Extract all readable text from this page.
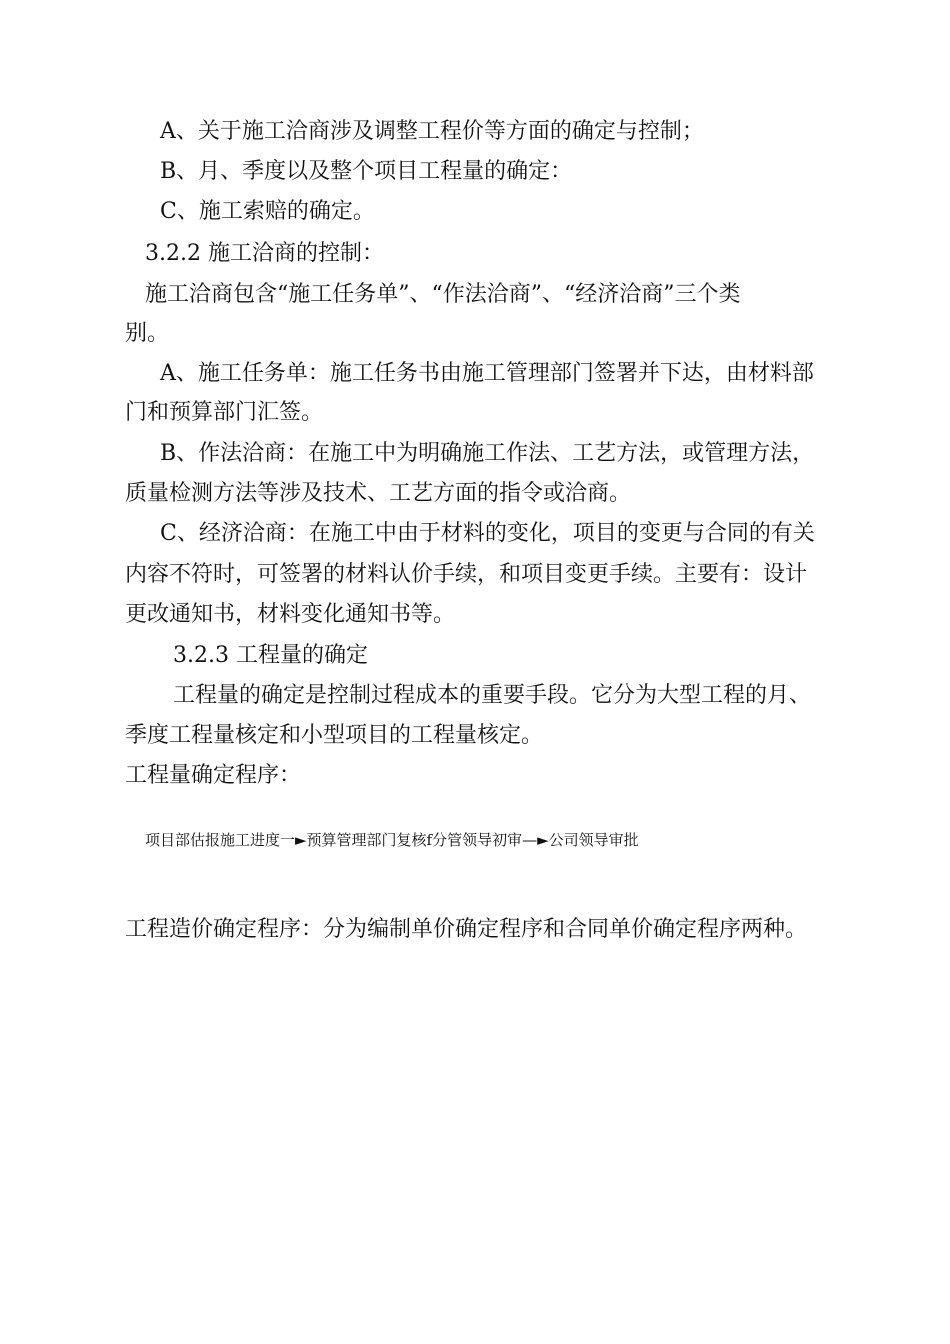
A、关于施工洽商涉及调整工程价等方面的确定与控制；
B、月、季度以及整个项目工程量的确定：
C、施工索赔的确定。
3.2.2 施工洽商的控制：
施工洽商包含“施工任务单”、“作法洽商”、“经济洽商”三个类
别。
A、施工任务单：施工任务书由施工管理部门签署并下达，由材料部
门和预算部门汇签。
B、作法洽商：在施工中为明确施工作法、工艺方法，或管理方法，
质量检测方法等涉及技术、工艺方面的指令或洽商。
C、经济洽商：在施工中由于材料的变化，项目的变更与合同的有关
内容不符时，可签署的材料认价手续，和项目变更手续。主要有：设计
更改通知书，材料变化通知书等。
3.2.3 工程量的确定
工程量的确定是控制过程成本的重要手段。它分为大型工程的月、
季度工程量核定和小型项目的工程量核定。
工程量确定程序：
项目部估报施工进度一►预算管理部门复核f分管领导初审—►公司领导审批
工程造价确定程序：分为编制单价确定程序和合同单价确定程序两种。
